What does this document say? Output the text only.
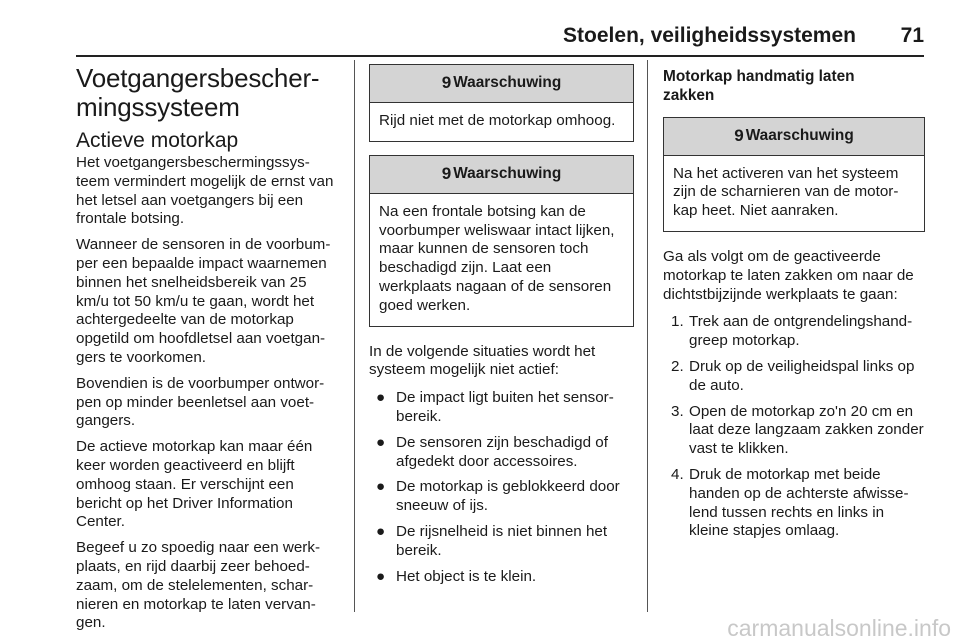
Stoelen, veiligheidssystemen 71
Voetgangersbescher-mingssysteem
Actieve motorkap

Het voetgangersbeschermingssys-teem vermindert mogelijk de ernst van het letsel aan voetgangers bij een frontale botsing.

Wanneer de sensoren in de voorbum-per een bepaalde impact waarnemen binnen het snelheidsbereik van 25 km/u tot 50 km/u te gaan, wordt het achtergedeelte van de motorkap opgetild om hoofdletsel aan voetgan-gers te voorkomen.

Bovendien is de voorbumper ontwor-pen op minder beenletsel aan voet-gangers.

De actieve motorkap kan maar één keer worden geactiveerd en blijft omhoog staan. Er verschijnt een bericht op het Driver Information Center.

Begeef u zo spoedig naar een werk-plaats, en rijd daarbij zeer behoed-zaam, om de stelelementen, schar-nieren en motorkap te laten vervan-gen.

9 Waarschuwing
Rijd niet met de motorkap omhoog.
9 Waarschuwing
Na een frontale botsing kan de voorbumper weliswaar intact lijken, maar kunnen de sensoren toch beschadigd zijn. Laat een werkplaats nagaan of de sensoren goed werken.

In de volgende situaties wordt het systeem mogelijk niet actief:

● De impact ligt buiten het sensor-bereik.
● De sensoren zijn beschadigd of afgedekt door accessoires.
● De motorkap is geblokkeerd door sneeuw of ijs.
● De rijsnelheid is niet binnen het bereik.
● Het object is te klein.
Motorkap handmatig laten zakken
9 Waarschuwing
Na het activeren van het systeem zijn de scharnieren van de motor-kap heet. Niet aanraken.

Ga als volgt om de geactiveerde motorkap te laten zakken om naar de dichtstbijzijnde werkplaats te gaan:

1. Trek aan de ontgrendelingshand-greep motorkap.
2. Druk op de veiligheidspal links op de auto.
3. Open de motorkap zo'n 20 cm en laat deze langzaam zakken zonder vast te klikken.
4. Druk de motorkap met beide handen op de achterste afwisse-lend tussen rechts en links in kleine stapjes omlaag.
carmanualsonline.info
